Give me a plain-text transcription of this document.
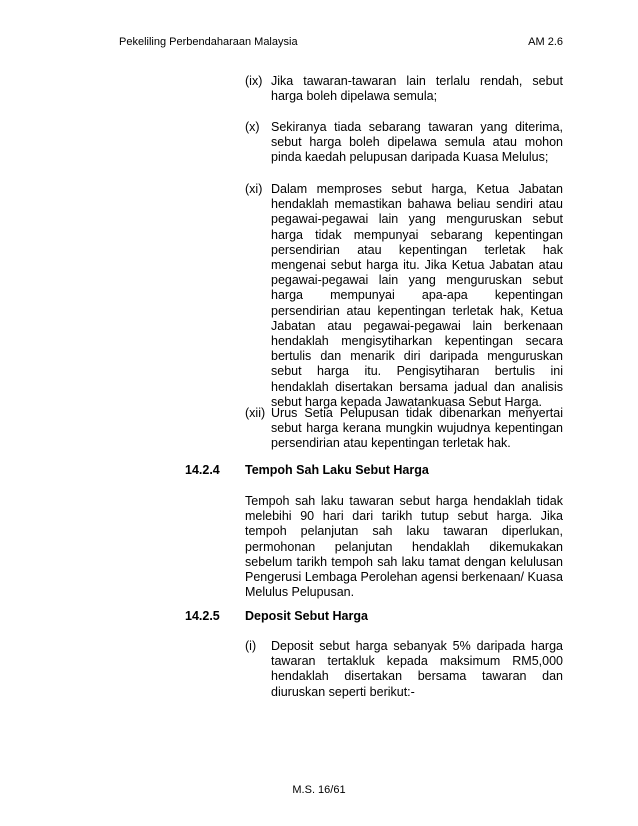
Pekeliling Perbendaharaan Malaysia	AM 2.6
(ix) Jika tawaran-tawaran lain terlalu rendah, sebut harga boleh dipelawa semula;
(x) Sekiranya tiada sebarang tawaran yang diterima, sebut harga boleh dipelawa semula atau mohon pinda kaedah pelupusan daripada Kuasa Melulus;
(xi) Dalam memproses sebut harga, Ketua Jabatan hendaklah memastikan bahawa beliau sendiri atau pegawai-pegawai lain yang menguruskan sebut harga tidak mempunyai sebarang kepentingan persendirian atau kepentingan terletak hak mengenai sebut harga itu. Jika Ketua Jabatan atau pegawai-pegawai lain yang menguruskan sebut harga mempunyai apa-apa kepentingan persendirian atau kepentingan terletak hak, Ketua Jabatan atau pegawai-pegawai lain berkenaan hendaklah mengisytiharkan kepentingan secara bertulis dan menarik diri daripada menguruskan sebut harga itu. Pengisytiharan bertulis ini hendaklah disertakan bersama jadual dan analisis sebut harga kepada Jawatankuasa Sebut Harga.
(xii) Urus Setia Pelupusan tidak dibenarkan menyertai sebut harga kerana mungkin wujudnya kepentingan persendirian atau kepentingan terletak hak.
14.2.4	Tempoh Sah Laku Sebut Harga
Tempoh sah laku tawaran sebut harga hendaklah tidak melebihi 90 hari dari tarikh tutup sebut harga. Jika tempoh pelanjutan sah laku tawaran diperlukan, permohonan pelanjutan hendaklah dikemukakan sebelum tarikh tempoh sah laku tamat dengan kelulusan Pengerusi Lembaga Perolehan agensi berkenaan/ Kuasa Melulus Pelupusan.
14.2.5	Deposit Sebut Harga
(i) Deposit sebut harga sebanyak 5% daripada harga tawaran tertakluk kepada maksimum RM5,000 hendaklah disertakan bersama tawaran dan diuruskan seperti berikut:-
M.S. 16/61
